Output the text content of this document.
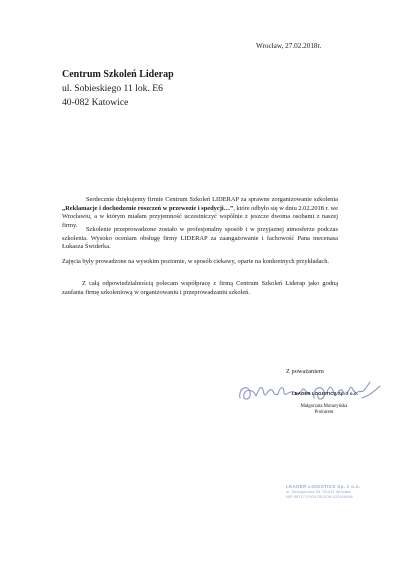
Wrocław, 27.02.2018r.
Centrum Szkoleń Liderap
ul. Sobieskiego 11 lok. E6
40-082 Katowice
Serdecznie dziękujemy firmie Centrum Szkoleń LIDERAP za sprawne zorganizowanie szkolenia „Reklamacje i dochodzenie roszczeń w przewozie i spedycji…”, które odbyło się w dniu 2.02.2018 r. we Wrocławiu, a w którym miałam przyjemność uczestniczyć wspólnie z jeszcze dwoma osobami z naszej firmy.
Szkolenie przeprowadzone zostało w profesjonalny sposób i w przyjaznej atmosferze podczas szkolenia. Wysoko oceniam obsługę firmy LIDERAP za zaangażowanie i fachowość Pana mecenasa Łukasza Świderka.
Zajęcia były prowadzone na wysokim poziomie, w sposób ciekawy, oparte na konkretnych przykładach.
Z całą odpowiedzialnością polecam współpracę z firmą Centrum Szkoleń Liderap jako godną zaufania firmę szkoleniową w organizowaniu i przeprowadzaniu szkoleń.
Z poważaniem
LEADER LOGISTICS Sp. z o.o.
Małgorzata Morazyńska
Prokurent
LEADER LOGISTICS Sp. z o.o.
ul. Strzegomska 55, 53-611 Wrocław
NIP 8971717004 REGON 020418956
